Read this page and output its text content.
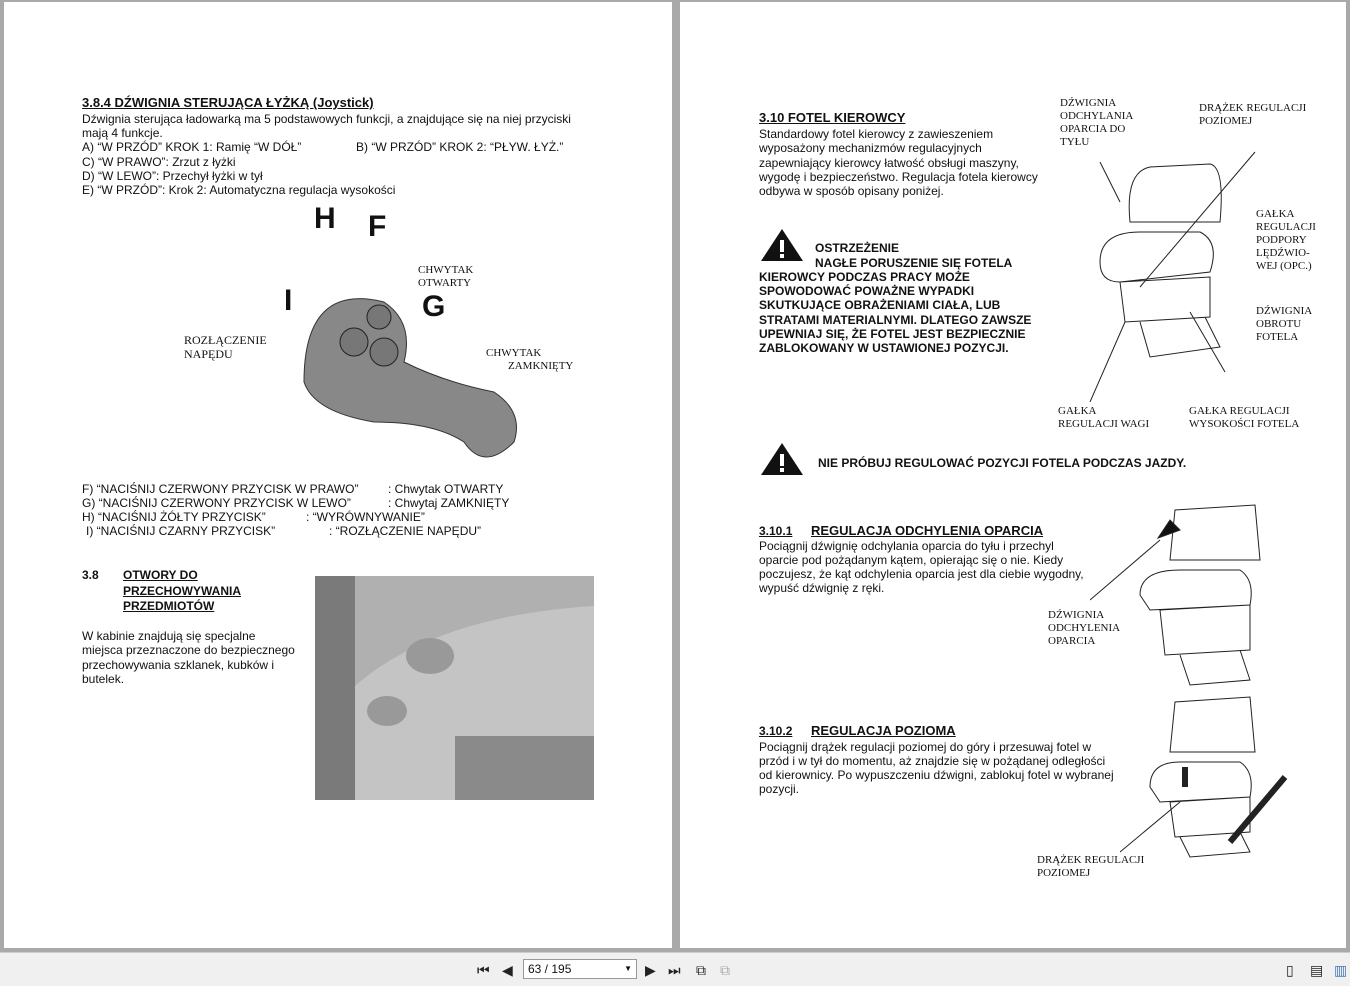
3.8.4 DŹWIGNIA STERUJĄCA ŁYŻKĄ (Joystick)
Dźwignia sterująca ładowarką ma 5 podstawowych funkcji, a znajdujące się na niej przyciski
mają 4 funkcje.
A) “W PRZÓD” KROK 1: Ramię “W DÓŁ”	B) “W PRZÓD” KROK 2: “PŁYW. ŁYŻ.”
C) “W PRAWO”: Zrzut z łyżki
D) “W LEWO”: Przechył łyżki w tył
E) “W PRZÓD”: Krok 2: Automatyczna regulacja wysokości
H F
I	G
CHWYTAK
OTWARTY
CHWYTAK
ZAMKNIĘTY
ROZŁĄCZENIE
NAPĘDU
F) “NACIŚNIJ CZERWONY PRZYCISK W PRAWO” : Chwytak OTWARTY
G) “NACIŚNIJ CZERWONY PRZYCISK W LEWO”	: Chwytaj ZAMKNIĘTY
H) “NACIŚNIJ ŻÓŁTY PRZYCISK”	: “WYRÓWNYWANIE”
I) “NACIŚNIJ CZARNY PRZYCISK”	: “ROZŁĄCZENIE NAPĘDU”
3.8 OTWORY DO
PRZECHOWYWANIA
PRZEDMIOTÓW
W kabinie znajdują się specjalne
miejsca przeznaczone do bezpiecznego
przechowywania szklanek, kubków i
butelek.
3.10 FOTEL KIEROWCY
Standardowy fotel kierowcy z zawieszeniem
wyposażony mechanizmów regulacyjnych
zapewniający kierowcy łatwość obsługi maszyny,
wygodę i bezpieczeństwo. Regulacja fotela kierowcy
odbywa w sposób opisany poniżej.
OSTRZEŻENIE
NAGŁE PORUSZENIE SIĘ FOTELA
KIEROWCY PODCZAS PRACY MOŻE
SPOWODOWAĆ POWAŻNE WYPADKI
SKUTKUJĄCE OBRAŻENIAMI CIAŁA, LUB
STRATAMI MATERIALNYMI. DLATEGO ZAWSZE
UPEWNIAJ SIĘ, ŻE FOTEL JEST BEZPIECZNIE
ZABLOKOWANY W USTAWIONEJ POZYCJI.
DŹWIGNIA
ODCHYLANIA
OPARCIA DO
TYŁU
DRĄŻEK REGULACJI
POZIOMEJ
GAŁKA
REGULACJI
PODPORY
LĘDŹWIO-
WEJ (OPC.)
DŹWIGNIA
OBROTU
FOTELA
GAŁKA
REGULACJI WAGI
GAŁKA REGULACJI
WYSOKOŚCI FOTELA
NIE PRÓBUJ REGULOWAĆ POZYCJI FOTELA PODCZAS JAZDY.
3.10.1 REGULACJA ODCHYLENIA OPARCIA
Pociągnij dźwignię odchylania oparcia do tyłu i przechyl
oparcie pod pożądanym kątem, opierając się o nie. Kiedy
poczujesz, że kąt odchylenia oparcia jest dla ciebie wygodny,
wypuść dźwignię z ręki.
DŹWIGNIA
ODCHYLENIA
OPARCIA
3.10.2 REGULACJA POZIOMA
Pociągnij drążek regulacji poziomej do góry i przesuwaj fotel w
przód i w tył do momentu, aż znajdzie się w pożądanej odległości
od kierownicy. Po wypuszczeniu dźwigni, zablokuj fotel w wybranej
pozycji.
DRĄŻEK REGULACJI
POZIOMEJ
⏮ ◀	63 / 195	▼ ▶ ⏭ ⧉ ⧉	▯ ▤ ▥
